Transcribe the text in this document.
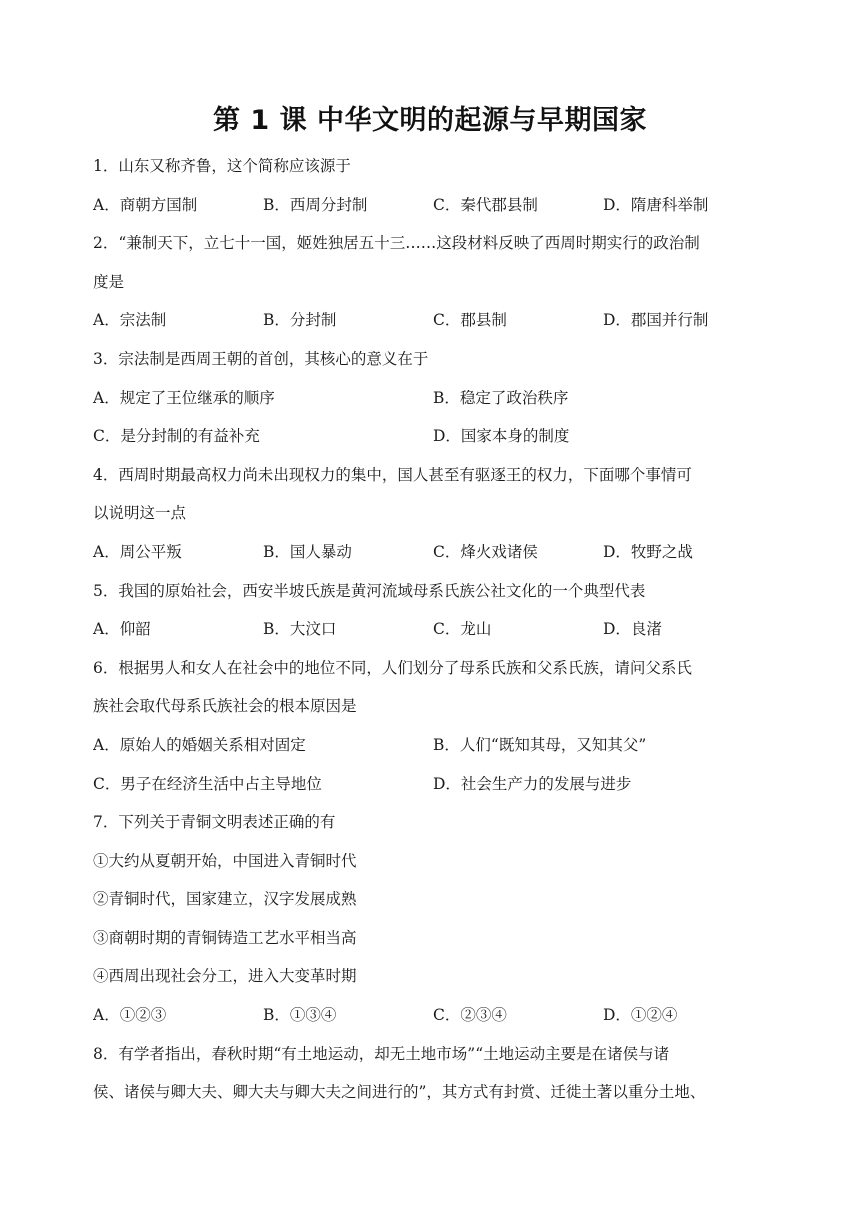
第 1 课 中华文明的起源与早期国家
1．山东又称齐鲁，这个简称应该源于
A．商朝方国制	B．西周分封制	C．秦代郡县制	D．隋唐科举制
2．“兼制天下，立七十一国，姬姓独居五十三……这段材料反映了西周时期实行的政治制
度是
A．宗法制	B．分封制	C．郡县制	D．郡国并行制
3．宗法制是西周王朝的首创，其核心的意义在于
A．规定了王位继承的顺序	B．稳定了政治秩序
C．是分封制的有益补充	D．国家本身的制度
4．西周时期最高权力尚未出现权力的集中，国人甚至有驱逐王的权力，下面哪个事情可
以说明这一点
A．周公平叛	B．国人暴动	C．烽火戏诸侯	D．牧野之战
5．我国的原始社会，西安半坡氏族是黄河流域母系氏族公社文化的一个典型代表
A．仰韶	B．大汶口	C．龙山	D．良渚
6．根据男人和女人在社会中的地位不同，人们划分了母系氏族和父系氏族，请问父系氏
族社会取代母系氏族社会的根本原因是
A．原始人的婚姻关系相对固定	B．人们“既知其母，又知其父”
C．男子在经济生活中占主导地位	D．社会生产力的发展与进步
7．下列关于青铜文明表述正确的有
①大约从夏朝开始，中国进入青铜时代
②青铜时代，国家建立，汉字发展成熟
③商朝时期的青铜铸造工艺水平相当高
④西周出现社会分工，进入大变革时期
A．①②③	B．①③④	C．②③④	D．①②④
8．有学者指出，春秋时期“有土地运动，却无土地市场”“土地运动主要是在诸侯与诸
侯、诸侯与卿大夫、卿大夫与卿大夫之间进行的”，其方式有封赏、迁徙土著以重分土地、
